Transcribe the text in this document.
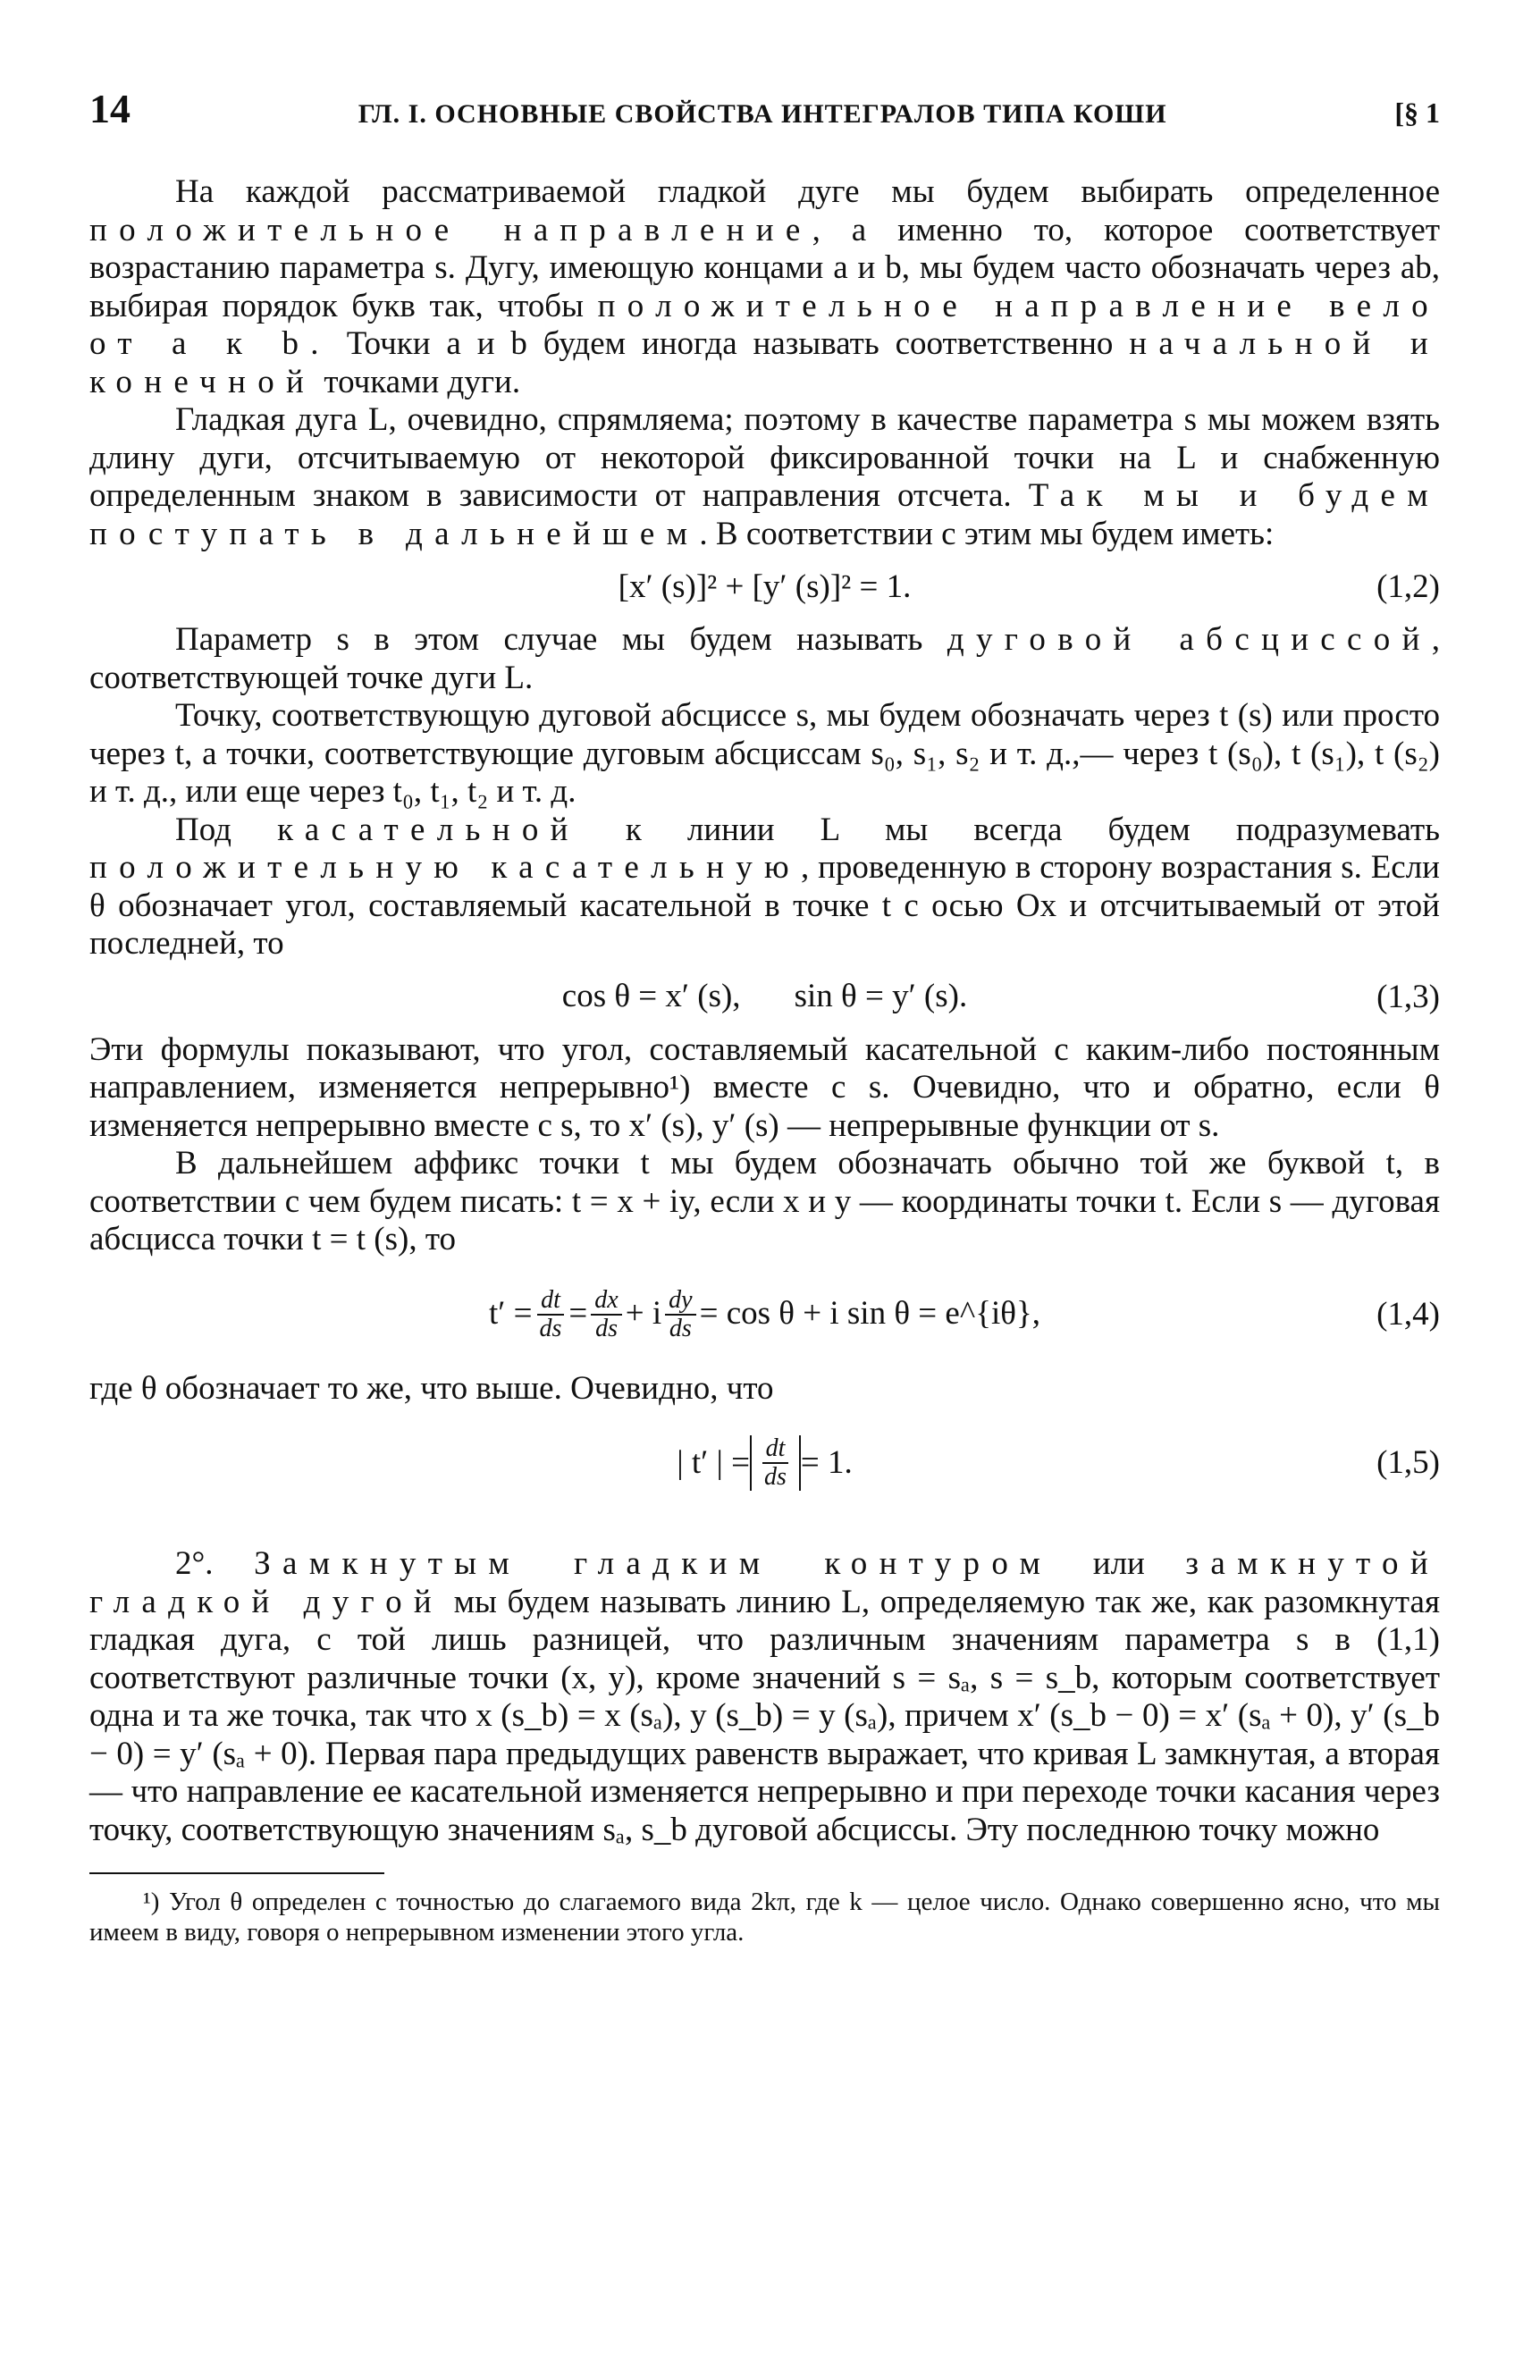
14	ГЛ. I. ОСНОВНЫЕ СВОЙСТВА ИНТЕГРАЛОВ ТИПА КОШИ	[§ 1

На каждой рассматриваемой гладкой дуге мы будем выбирать определенное положительное направление, а именно то, которое соответствует возрастанию параметра s. Дугу, имеющую концами a и b, мы будем часто обозначать через ab, выбирая порядок букв так, чтобы положительное направление вело от a к b. Точки a и b будем иногда называть соответственно начальной и конечной точками дуги.

Гладкая дуга L, очевидно, спрямляема; поэтому в качестве параметра s мы можем взять длину дуги, отсчитываемую от некоторой фиксированной точки на L и снабженную определенным знаком в зависимости от направления отсчета. Так мы и будем поступать в дальнейшем. В соответствии с этим мы будем иметь:

[x′ (s)]² + [y′ (s)]² = 1.	(1,2)

Параметр s в этом случае мы будем называть дуговой абсциссой, соответствующей точке дуги L.

Точку, соответствующую дуговой абсциссе s, мы будем обозначать через t (s) или просто через t, а точки, соответствующие дуговым абсциссам s₀, s₁, s₂ и т. д.,— через t (s₀), t (s₁), t (s₂) и т. д., или еще через t₀, t₁, t₂ и т. д.

Под касательной к линии L мы всегда будем подразумевать положительную касательную, проведенную в сторону возрастания s. Если θ обозначает угол, составляемый касательной в точке t с осью Ox и отсчитываемый от этой последней, то

cos θ = x′ (s), sin θ = y′ (s).	(1,3)

Эти формулы показывают, что угол, составляемый касательной с каким-либо постоянным направлением, изменяется непрерывно¹) вместе с s. Очевидно, что и обратно, если θ изменяется непрерывно вместе с s, то x′ (s), y′ (s) — непрерывные функции от s.

В дальнейшем аффикс точки t мы будем обозначать обычно той же буквой t, в соответствии с чем будем писать: t = x + iy, если x и y — координаты точки t. Если s — дуговая абсцисса точки t = t (s), то

$t' = \frac{dt}{ds} = \frac{dx}{ds} + i \frac{dy}{ds} = \cos \theta + i$ sin θ = e^{iθ},	(1,4)

где θ обозначает то же, что выше. Очевидно, что

| t′ | = $\frac{dt}{ds} = 1$.	(1,5)

2°. Замкнутым гладким контуром или замкнутой гладкой дугой мы будем называть линию L, определяемую так же, как разомкнутая гладкая дуга, с той лишь разницей, что различным значениям параметра s в (1,1) соответствуют различные точки (x, y), кроме значений s = sₐ, s = s_b, которым соответствует одна и та же точка, так что x (s_b) = x (sₐ), y (s_b) = y (sₐ), причем x′ (s_b − 0) = x′ (sₐ + 0), y′ (s_b − 0) = y′ (sₐ + 0). Первая пара предыдущих равенств выражает, что кривая L замкнутая, а вторая — что направление ее касательной изменяется непрерывно и при переходе точки касания через точку, соответствующую значениям sₐ, s_b дуговой абсциссы. Эту последнюю точку можно

¹) Угол θ определен с точностью до слагаемого вида 2kπ, где k — целое число. Однако совершенно ясно, что мы имеем в виду, говоря о непрерывном изменении этого угла.
